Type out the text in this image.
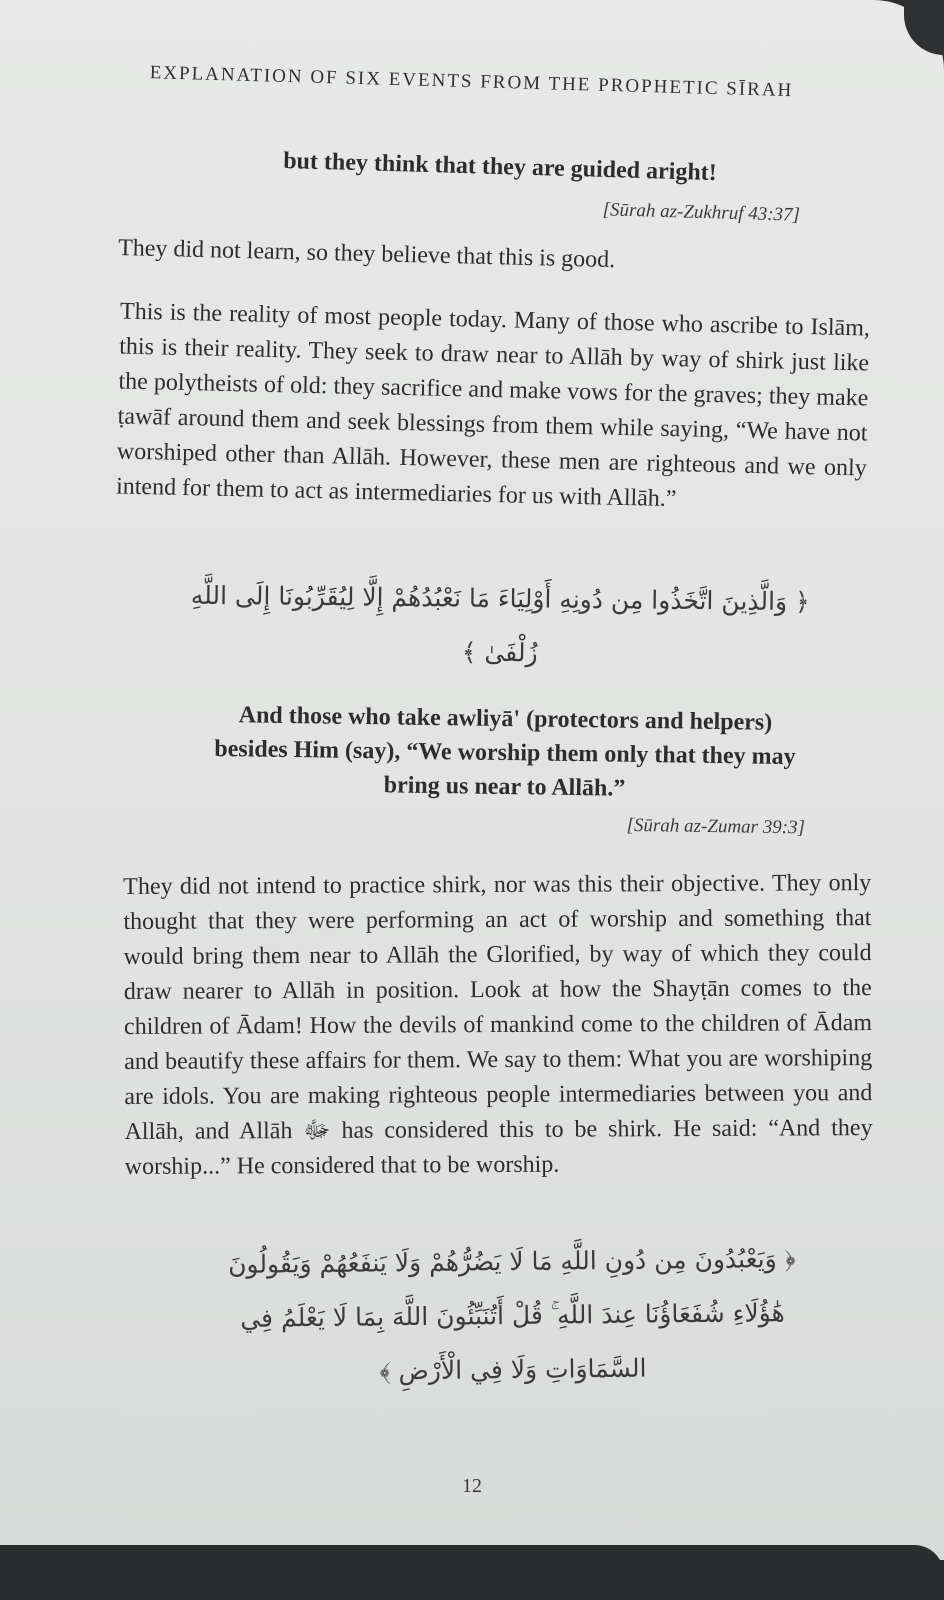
EXPLANATION OF SIX EVENTS FROM THE PROPHETIC SĪRAH
but they think that they are guided aright!
[Sūrah az-Zukhruf 43:37]
They did not learn, so they believe that this is good.
This is the reality of most people today. Many of those who ascribe to Islām, this is their reality. They seek to draw near to Allāh by way of shirk just like the polytheists of old: they sacrifice and make vows for the graves; they make ṭawāf around them and seek blessings from them while saying, “We have not worshiped other than Allāh. However, these men are righteous and we only intend for them to act as intermediaries for us with Allāh.”
﴿ وَالَّذِينَ اتَّخَذُوا مِن دُونِهِ أَوْلِيَاءَ مَا نَعْبُدُهُمْ إِلَّا لِيُقَرِّبُونَا إِلَى اللَّهِ زُلْفَىٰ ﴾
And those who take awliyā' (protectors and helpers) besides Him (say), “We worship them only that they may bring us near to Allāh.”
[Sūrah az-Zumar 39:3]
They did not intend to practice shirk, nor was this their objective. They only thought that they were performing an act of worship and something that would bring them near to Allāh the Glorified, by way of which they could draw nearer to Allāh in position. Look at how the Shayṭān comes to the children of Ādam! How the devils of mankind come to the children of Ādam and beautify these affairs for them. We say to them: What you are worshiping are idols. You are making righteous people intermediaries between you and Allāh, and Allāh ﷻ has considered this to be shirk. He said: “And they worship...” He considered that to be worship.
﴿ وَيَعْبُدُونَ مِن دُونِ اللَّهِ مَا لَا يَضُرُّهُمْ وَلَا يَنفَعُهُمْ وَيَقُولُونَ هَٰؤُلَاءِ شُفَعَاؤُنَا عِندَ اللَّهِ ۚ قُلْ أَتُنَبِّئُونَ اللَّهَ بِمَا لَا يَعْلَمُ فِي السَّمَاوَاتِ وَلَا فِي الْأَرْضِ ﴾
12
